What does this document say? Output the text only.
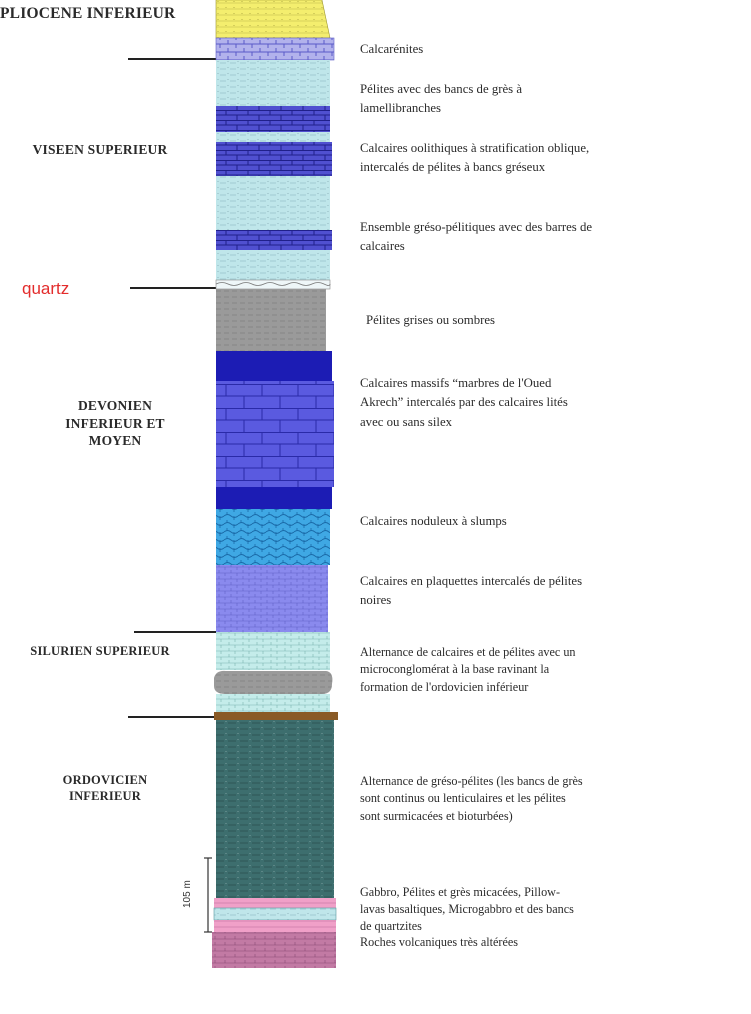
PLIOCENE INFERIEUR
VISEEN SUPERIEUR
DEVONIEN
INFERIEUR ET
MOYEN
SILURIEN SUPERIEUR
ORDOVICIEN
INFERIEUR
quartz
105 m
Calcarénites
Pélites avec des bancs de grès à
lamellibranches
Calcaires oolithiques à stratification oblique,
intercalés de pélites à bancs gréseux
Ensemble gréso-pélitiques avec des barres de
calcaires
Pélites grises ou sombres
Calcaires massifs “marbres de l'Oued
Akrech” intercalés par des calcaires lités
avec ou sans silex
Calcaires noduleux à slumps
Calcaires en plaquettes intercalés de pélites
noires
Alternance de calcaires et de pélites avec un
microconglomérat à la base ravinant la
formation de l'ordovicien inférieur
Alternance de gréso-pélites (les bancs de grès
sont continus ou lenticulaires et les pélites
sont surmicacées et bioturbées)
Gabbro, Pélites et grès micacées, Pillow-
lavas basaltiques, Microgabbro et des bancs
de quartzites
Roches volcaniques très altérées
